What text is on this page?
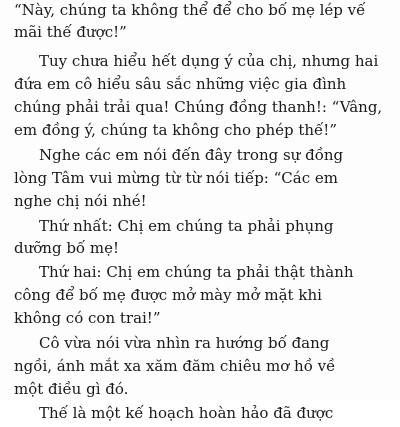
“Này, chúng ta không thể để cho bố mẹ lép vế
mãi thế được!”
Tuy chưa hiểu hết dụng ý của chị, nhưng hai
đứa em cô hiểu sâu sắc những việc gia đình
chúng phải trải qua! Chúng đồng thanh!: “Vâng,
em đồng ý, chúng ta không cho phép thế!”
Nghe các em nói đến đây trong sự đồng
lòng Tâm vui mừng từ từ nói tiếp: “Các em
nghe chị nói nhé!
Thứ nhất: Chị em chúng ta phải phụng
dưỡng bố mẹ!
Thứ hai: Chị em chúng ta phải thật thành
công để bố mẹ được mở mày mở mặt khi
không có con trai!”
Cô vừa nói vừa nhìn ra hướng bố đang
ngồi, ánh mắt xa xăm đăm chiêu mơ hồ về
một điều gì đó.
Thế là một kế hoạch hoàn hảo đã được
